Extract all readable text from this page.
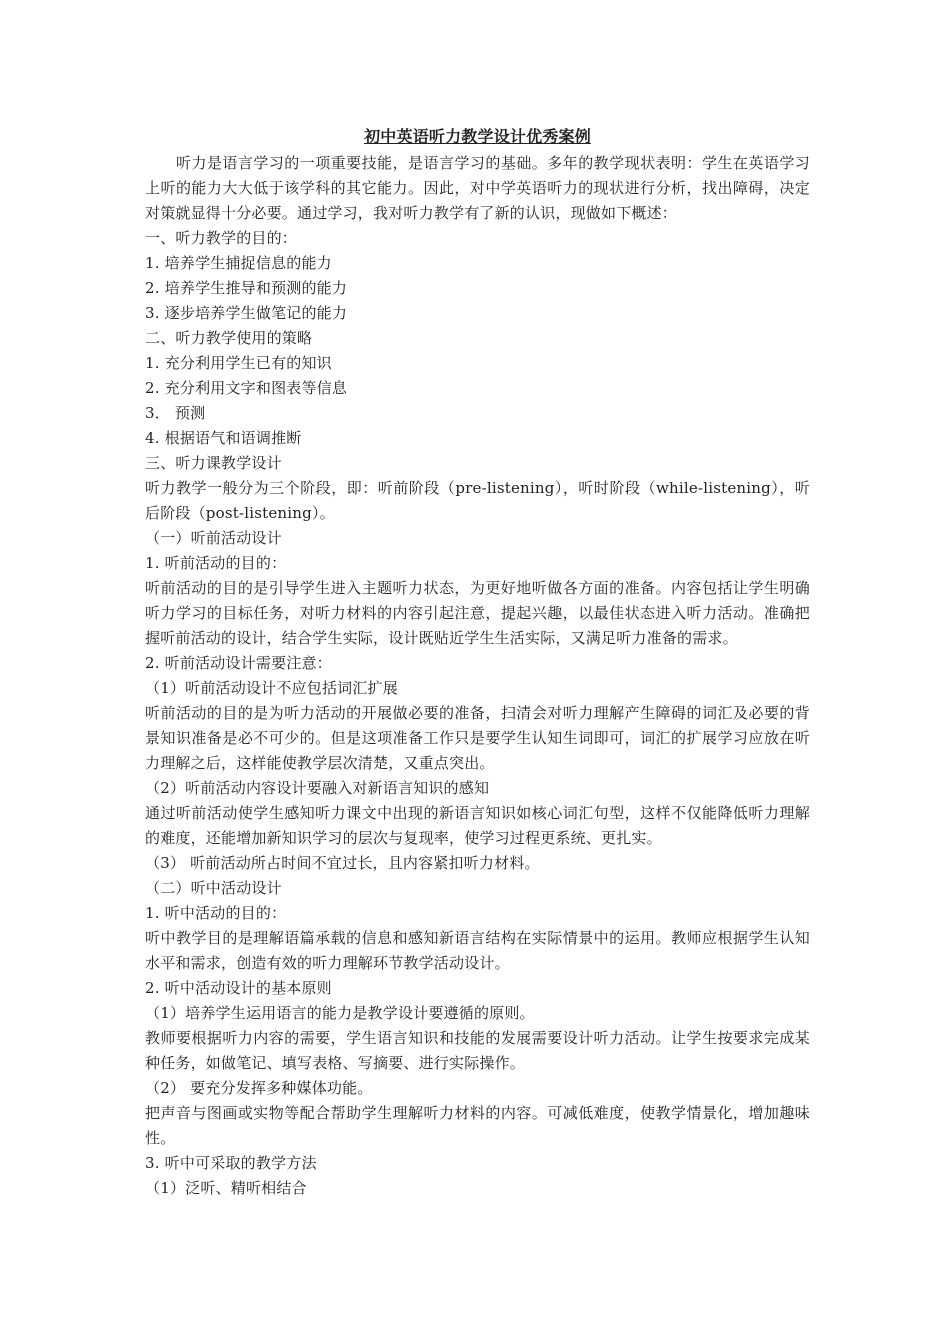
初中英语听力教学设计优秀案例

听力是语言学习的一项重要技能，是语言学习的基础。多年的教学现状表明：学生在英语学习上听的能力大大低于该学科的其它能力。因此，对中学英语听力的现状进行分析，找出障碍，决定对策就显得十分必要。通过学习，我对听力教学有了新的认识，现做如下概述：

一、听力教学的目的：

1. 培养学生捕捉信息的能力

2. 培养学生推导和预测的能力

3. 逐步培养学生做笔记的能力

二、听力教学使用的策略

1. 充分利用学生已有的知识

2. 充分利用文字和图表等信息

3． 预测

4. 根据语气和语调推断

三、听力课教学设计

听力教学一般分为三个阶段，即：听前阶段（pre-listening），听时阶段（while-listening），听后阶段（post-listening）。

（一）听前活动设计

1. 听前活动的目的：

听前活动的目的是引导学生进入主题听力状态，为更好地听做各方面的准备。内容包括让学生明确听力学习的目标任务，对听力材料的内容引起注意，提起兴趣，以最佳状态进入听力活动。准确把握听前活动的设计，结合学生实际，设计既贴近学生生活实际，又满足听力准备的需求。

2. 听前活动设计需要注意：

（1）听前活动设计不应包括词汇扩展

听前活动的目的是为听力活动的开展做必要的准备，扫清会对听力理解产生障碍的词汇及必要的背景知识准备是必不可少的。但是这项准备工作只是要学生认知生词即可，词汇的扩展学习应放在听力理解之后，这样能使教学层次清楚，又重点突出。

（2）听前活动内容设计要融入对新语言知识的感知

通过听前活动使学生感知听力课文中出现的新语言知识如核心词汇句型，这样不仅能降低听力理解的难度，还能增加新知识学习的层次与复现率，使学习过程更系统、更扎实。

（3） 听前活动所占时间不宜过长，且内容紧扣听力材料。

（二）听中活动设计

1. 听中活动的目的：

听中教学目的是理解语篇承载的信息和感知新语言结构在实际情景中的运用。教师应根据学生认知水平和需求，创造有效的听力理解环节教学活动设计。

2. 听中活动设计的基本原则

（1）培养学生运用语言的能力是教学设计要遵循的原则。

教师要根据听力内容的需要，学生语言知识和技能的发展需要设计听力活动。让学生按要求完成某种任务，如做笔记、填写表格、写摘要、进行实际操作。

（2） 要充分发挥多种媒体功能。

把声音与图画或实物等配合帮助学生理解听力材料的内容。可减低难度，使教学情景化，增加趣味性。

3. 听中可采取的教学方法

（1）泛听、精听相结合
